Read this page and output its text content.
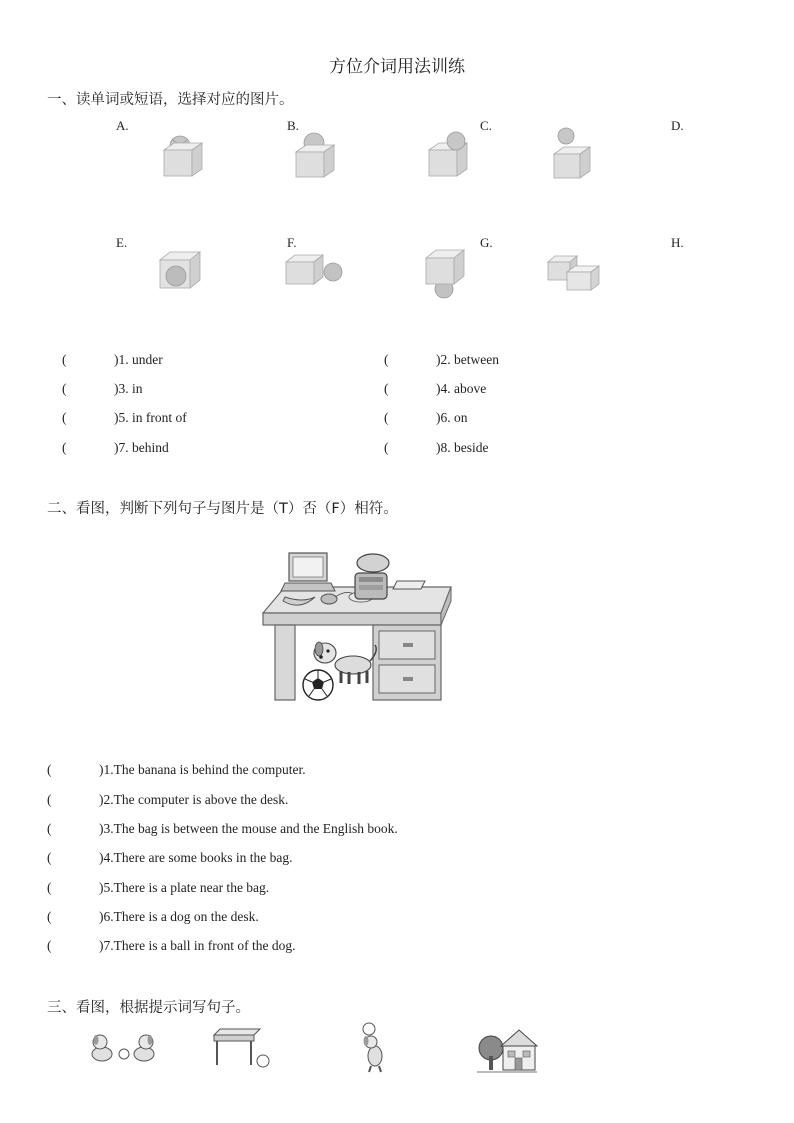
方位介词用法训练
一、读单词或短语，选择对应的图片。
A.	B.	C.	D.
E.	F.	G.	H.
(	)1. under
(	)3. in
(	)5. in front of
(	)7. behind
(	)2. between
(	)4. above
(	)6. on
(	)8. beside
二、看图，判断下列句子与图片是（T）否（F）相符。
(	)1.The banana is behind the computer.
(	)2.The computer is above the desk.
(	)3.The bag is between the mouse and the English book.
(	)4.There are some books in the bag.
(	)5.There is a plate near the bag.
(	)6.There is a dog on the desk.
(	)7.There is a ball in front of the dog.
三、看图，根据提示词写句子。
